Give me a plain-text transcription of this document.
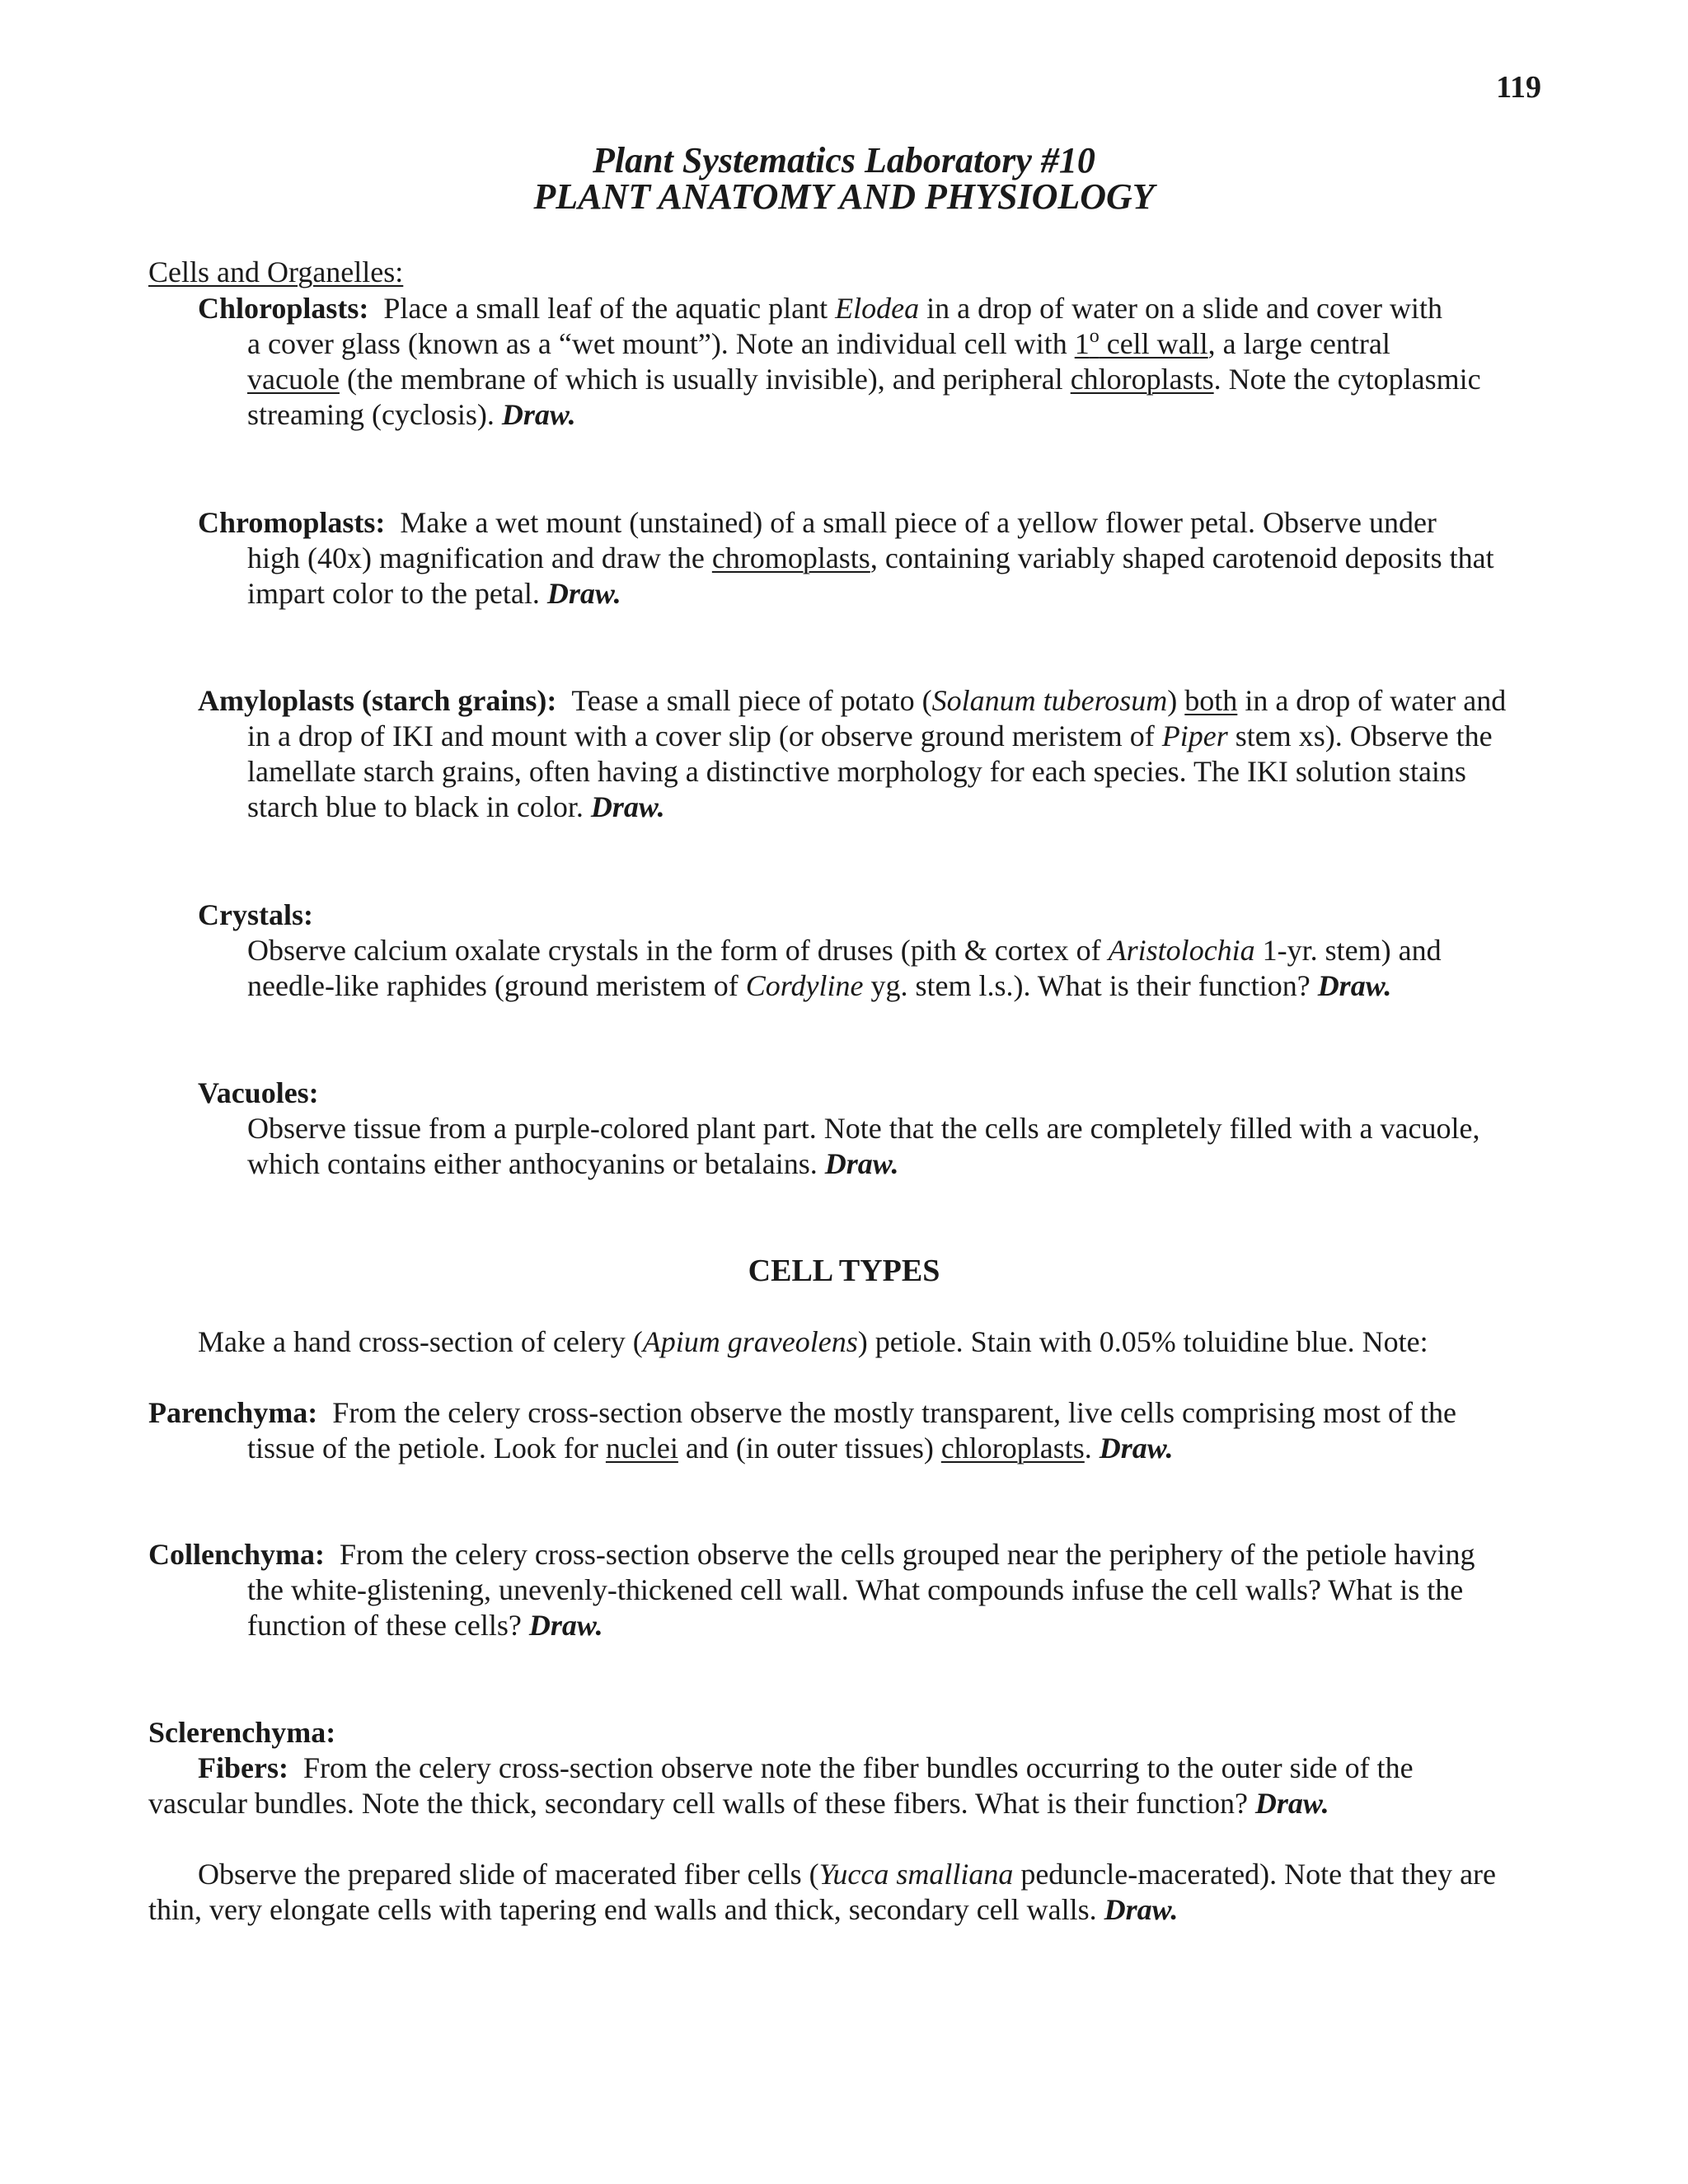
119
Plant Systematics Laboratory #10
PLANT ANATOMY AND PHYSIOLOGY
Cells and Organelles:
Chloroplasts: Place a small leaf of the aquatic plant Elodea in a drop of water on a slide and cover with
a cover glass (known as a “wet mount”). Note an individual cell with 1$^o$ cell wall, a large central
vacuole (the membrane of which is usually invisible), and peripheral chloroplasts. Note the cytoplasmic
streaming (cyclosis). Draw.
Chromoplasts: Make a wet mount (unstained) of a small piece of a yellow flower petal. Observe under
high (40x) magnification and draw the chromoplasts, containing variably shaped carotenoid deposits that
impart color to the petal. Draw.
Amyloplasts (starch grains): Tease a small piece of potato (Solanum tuberosum) both in a drop of water and
in a drop of IKI and mount with a cover slip (or observe ground meristem of Piper stem xs). Observe the
lamellate starch grains, often having a distinctive morphology for each species. The IKI solution stains
starch blue to black in color. Draw.
Crystals:
Observe calcium oxalate crystals in the form of druses (pith & cortex of Aristolochia 1-yr. stem) and
needle-like raphides (ground meristem of Cordyline yg. stem l.s.). What is their function? Draw.
Vacuoles:
Observe tissue from a purple-colored plant part. Note that the cells are completely filled with a vacuole,
which contains either anthocyanins or betalains. Draw.
CELL TYPES
Make a hand cross-section of celery (Apium graveolens) petiole. Stain with 0.05% toluidine blue. Note:
Parenchyma: From the celery cross-section observe the mostly transparent, live cells comprising most of the
tissue of the petiole. Look for nuclei and (in outer tissues) chloroplasts. Draw.
Collenchyma: From the celery cross-section observe the cells grouped near the periphery of the petiole having
the white-glistening, unevenly-thickened cell wall. What compounds infuse the cell walls? What is the
function of these cells? Draw.
Sclerenchyma:
Fibers: From the celery cross-section observe note the fiber bundles occurring to the outer side of the
vascular bundles. Note the thick, secondary cell walls of these fibers. What is their function? Draw.
Observe the prepared slide of macerated fiber cells (Yucca smalliana peduncle-macerated). Note that they are
thin, very elongate cells with tapering end walls and thick, secondary cell walls. Draw.
